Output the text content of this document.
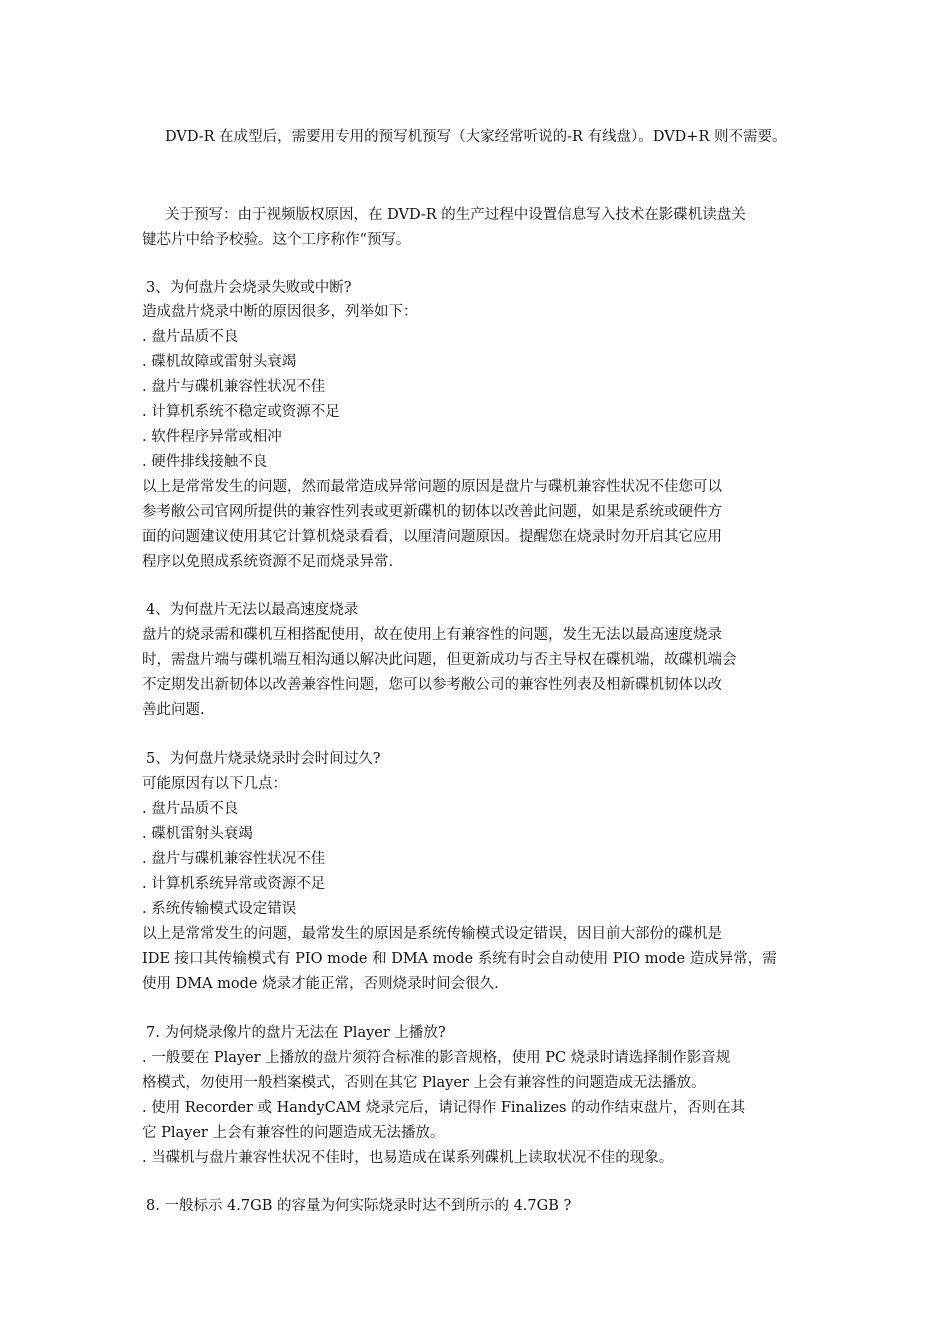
DVD-R 在成型后，需要用专用的预写机预写（大家经常听说的-R 有线盘）。DVD+R 则不需要。
关于预写：由于视频版权原因，在 DVD-R 的生产过程中设置信息写入技术在影碟机读盘关
键芯片中给予校验。这个工序称作“预写。
3、为何盘片会烧录失败或中断?
造成盘片烧录中断的原因很多，列举如下：
. 盘片品质不良
. 碟机故障或雷射头衰竭
. 盘片与碟机兼容性状况不佳
. 计算机系统不稳定或资源不足
. 软件程序异常或相冲
. 硬件排线接触不良
以上是常常发生的问题，然而最常造成异常问题的原因是盘片与碟机兼容性状况不佳您可以
参考敝公司官网所提供的兼容性列表或更新碟机的韧体以改善此问题，如果是系统或硬件方
面的问题建议使用其它计算机烧录看看，以厘清问题原因。提醒您在烧录时勿开启其它应用
程序以免照成系统资源不足而烧录异常.
4、为何盘片无法以最高速度烧录
盘片的烧录需和碟机互相搭配使用，故在使用上有兼容性的问题，发生无法以最高速度烧录
时，需盘片端与碟机端互相沟通以解决此问题，但更新成功与否主导权在碟机端，故碟机端会
不定期发出新韧体以改善兼容性问题，您可以参考敝公司的兼容性列表及相新碟机韧体以改
善此问题.
5、为何盘片烧录烧录时会时间过久?
可能原因有以下几点：
. 盘片品质不良
. 碟机雷射头衰竭
. 盘片与碟机兼容性状况不佳
. 计算机系统异常或资源不足
. 系统传输模式设定错误
以上是常常发生的问题，最常发生的原因是系统传输模式设定错误，因目前大部份的碟机是
IDE 接口其传输模式有 PIO mode 和 DMA mode 系统有时会自动使用 PIO mode 造成异常，需
使用 DMA mode 烧录才能正常，否则烧录时间会很久.
7. 为何烧录像片的盘片无法在 Player 上播放?
. 一般要在 Player 上播放的盘片须符合标准的影音规格，使用 PC 烧录时请选择制作影音规
格模式，勿使用一般档案模式，否则在其它 Player 上会有兼容性的问题造成无法播放。
. 使用 Recorder 或 HandyCAM 烧录完后，请记得作 Finalizes 的动作结束盘片，否则在其
它 Player 上会有兼容性的问题造成无法播放。
. 当碟机与盘片兼容性状况不佳时，也易造成在谋系列碟机上读取状况不佳的现象。
8. 一般标示 4.7GB 的容量为何实际烧录时达不到所示的 4.7GB ?
